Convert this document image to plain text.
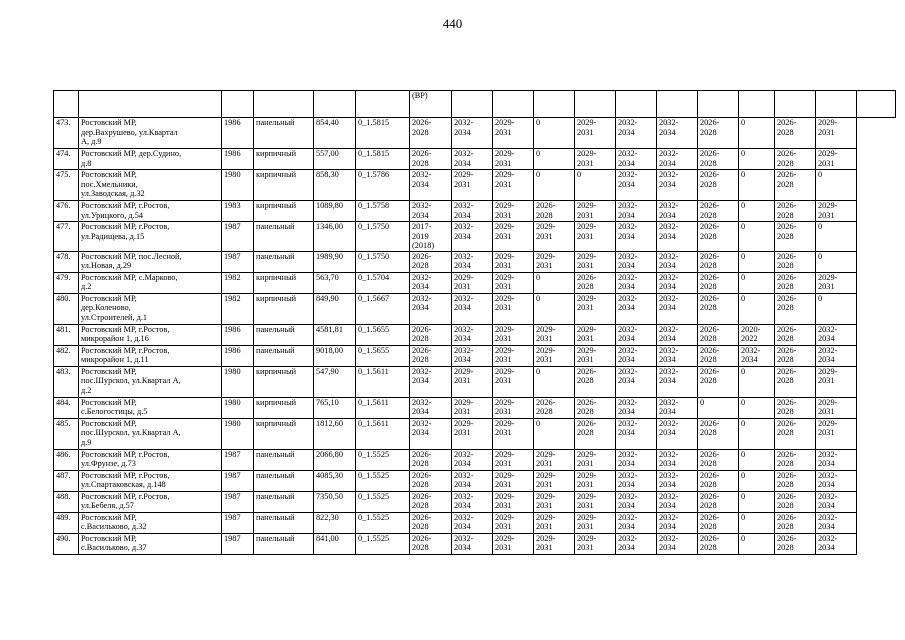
440
						(ВР)											
473.	Ростовский МР,
дер.Вахрушево, ул.Квартал
А, д.9	1986	панельный	854,40	0_1.5815	2026-
2028	2032-
2034	2029-
2031	0	2029-
2031	2032-
2034	2032-
2034	2026-
2028	0	2026-
2028	2029-
2031	
474.	Ростовский МР, дер.Судино,
д.8	1986	кирпичный	557,00	0_1.5815	2026-
2028	2032-
2034	2029-
2031	0	2029-
2031	2032-
2034	2032-
2034	2026-
2028	0	2026-
2028	2029-
2031	
475.	Ростовский МР,
пос.Хмельники,
ул.Заводская, д.32	1980	кирпичный	858,30	0_1.5786	2032-
2034	2029-
2031	2029-
2031	0	0	2032-
2034	2032-
2034	2026-
2028	0	2026-
2028	0	
476.	Ростовский МР, г.Ростов,
ул.Урицкого, д.54	1983	кирпичный	1089,80	0_1.5758	2032-
2034	2032-
2034	2029-
2031	2026-
2028	2029-
2031	2032-
2034	2032-
2034	2026-
2028	0	2026-
2028	2029-
2031	
477.	Ростовский МР, г.Ростов,
ул.Радищева, д.15	1987	панельный	1346,00	0_1.5750	2017-
2019
(2018)	2032-
2034	2029-
2031	2029-
2031	2029-
2031	2032-
2034	2032-
2034	2026-
2028	0	2026-
2028	0	
478.	Ростовский МР, пос.Лесной,
ул.Новая, д.29	1987	панельный	1989,90	0_1.5750	2026-
2028	2032-
2034	2029-
2031	2029-
2031	2029-
2031	2032-
2034	2032-
2034	2026-
2028	0	2026-
2028	0	
479.	Ростовский МР, с.Марково,
д.2	1982	кирпичный	563,70	0_1.5704	2032-
2034	2029-
2031	2029-
2031	0	2026-
2028	2032-
2034	2032-
2034	2026-
2028	0	2026-
2028	2029-
2031	
480.	Ростовский МР,
дер.Коленово,
ул.Строителей, д.1	1982	кирпичный	849,90	0_1.5667	2032-
2034	2032-
2034	2029-
2031	0	2029-
2031	2032-
2034	2032-
2034	2026-
2028	0	2026-
2028	0	
481.	Ростовский МР, г.Ростов,
микрорайон 1, д.16	1986	панельный	4581,81	0_1.5655	2026-
2028	2032-
2034	2029-
2031	2029-
2031	2029-
2031	2032-
2034	2032-
2034	2026-
2028	2020-
2022	2026-
2028	2032-
2034	
482.	Ростовский МР, г.Ростов,
микрорайон 1, д.11	1986	панельный	9018,00	0_1.5655	2026-
2028	2032-
2034	2029-
2031	2029-
2031	2029-
2031	2032-
2034	2032-
2034	2026-
2028	2032-
2034	2026-
2028	2032-
2034	
483.	Ростовский МР,
пос.Шурскол, ул.Квартал А,
д.2	1980	кирпичный	547,90	0_1.5611	2032-
2034	2029-
2031	2029-
2031	0	2026-
2028	2032-
2034	2032-
2034	2026-
2028	0	2026-
2028	2029-
2031	
484.	Ростовский МР,
с.Белогостицы, д.5	1980	кирпичный	765,10	0_1.5611	2032-
2034	2029-
2031	2029-
2031	2026-
2028	2026-
2028	2032-
2034	2032-
2034	0	0	2026-
2028	2029-
2031	
485.	Ростовский МР,
пос.Шурскол, ул.Квартал А,
д.9	1980	кирпичный	1812,60	0_1.5611	2032-
2034	2029-
2031	2029-
2031	0	2026-
2028	2032-
2034	2032-
2034	2026-
2028	0	2026-
2028	2029-
2031	
486.	Ростовский МР, г.Ростов,
ул.Фрунзе, д.73	1987	панельный	2066,80	0_1.5525	2026-
2028	2032-
2034	2029-
2031	2029-
2031	2029-
2031	2032-
2034	2032-
2034	2026-
2028	0	2026-
2028	2032-
2034	
487.	Ростовский МР, г.Ростов,
ул.Спартаковская, д.148	1987	панельный	4085,30	0_1.5525	2026-
2028	2032-
2034	2029-
2031	2029-
2031	2029-
2031	2032-
2034	2032-
2034	2026-
2028	0	2026-
2028	2032-
2034	
488.	Ростовский МР, г.Ростов,
ул.Бебеля, д.57	1987	панельный	7350,50	0_1.5525	2026-
2028	2032-
2034	2029-
2031	2029-
2031	2029-
2031	2032-
2034	2032-
2034	2026-
2028	0	2026-
2028	2032-
2034	
489.	Ростовский МР,
с.Васильково, д.32	1987	панельный	822,30	0_1.5525	2026-
2028	2032-
2034	2029-
2031	2029-
2031	2029-
2031	2032-
2034	2032-
2034	2026-
2028	0	2026-
2028	2032-
2034	
490.	Ростовский МР,
с.Васильково, д.37	1987	панельный	841,00	0_1.5525	2026-
2028	2032-
2034	2029-
2031	2029-
2031	2029-
2031	2032-
2034	2032-
2034	2026-
2028	0	2026-
2028	2032-
2034	
